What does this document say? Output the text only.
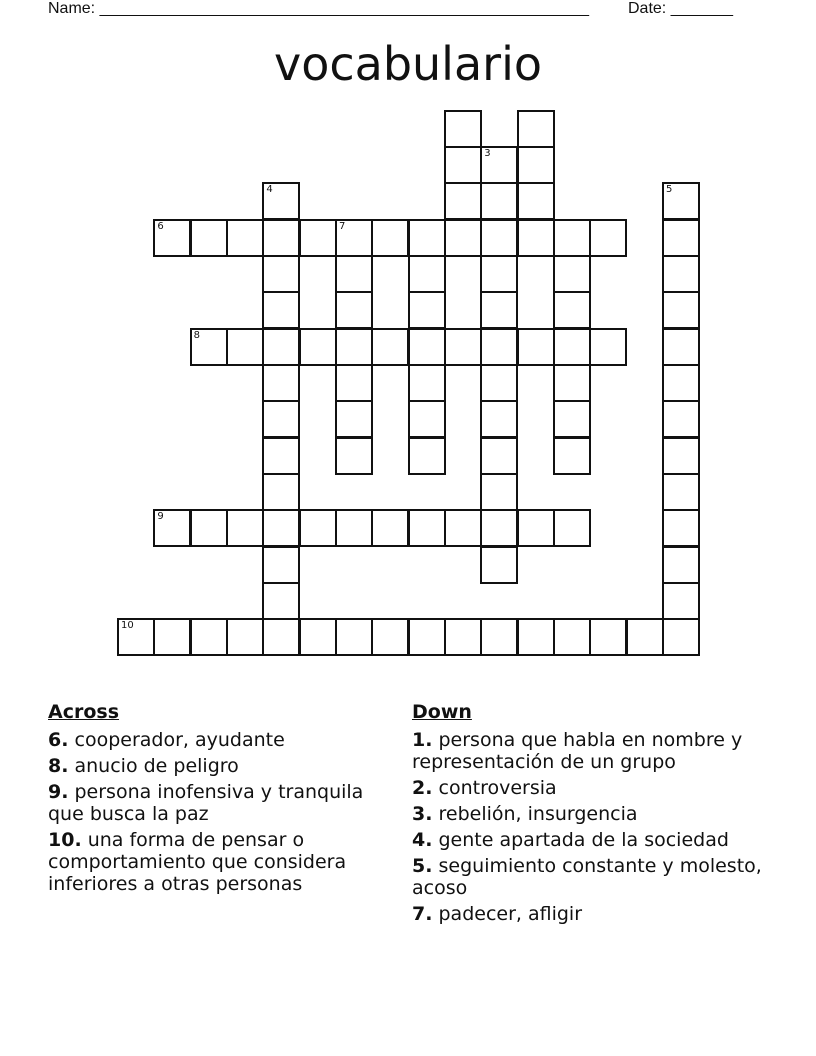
Name: _______________________________________________________ Date: _______
vocabulario
3
4	5
6	7
8
9
10
Across
6. cooperador, ayudante
8. anucio de peligro
9. persona inofensiva y tranquila que busca la paz
10. una forma de pensar o comportamiento que considera inferiores a otras personas
Down
1. persona que habla en nombre y representación de un grupo
2. controversia
3. rebelión, insurgencia
4. gente apartada de la sociedad
5. seguimiento constante y molesto, acoso
7. padecer, afligir
